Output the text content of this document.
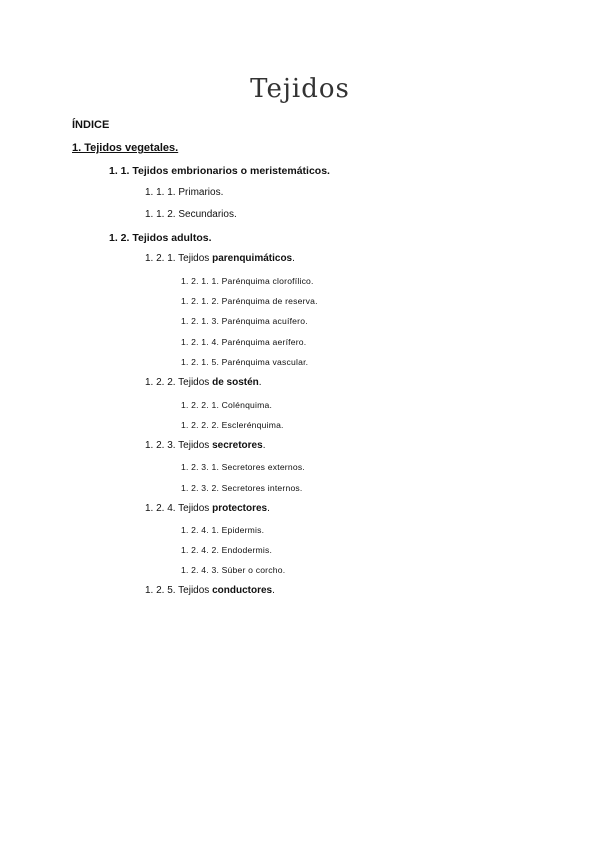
Tejidos
ÍNDICE
1. Tejidos vegetales.
1. 1. Tejidos embrionarios o meristemáticos.
1. 1. 1. Primarios.
1. 1. 2. Secundarios.
1. 2. Tejidos adultos.
1. 2. 1. Tejidos parenquimáticos.
1. 2. 1. 1. Parénquima clorofílico.
1. 2. 1. 2. Parénquima de reserva.
1. 2. 1. 3. Parénquima acuífero.
1. 2. 1. 4. Parénquima aerífero.
1. 2. 1. 5. Parénquima vascular.
1. 2. 2. Tejidos de sostén.
1. 2. 2. 1. Colénquima.
1. 2. 2. 2. Esclerénquima.
1. 2. 3. Tejidos secretores.
1. 2. 3. 1. Secretores externos.
1. 2. 3. 2. Secretores internos.
1. 2. 4. Tejidos protectores.
1. 2. 4. 1. Epidermis.
1. 2. 4. 2. Endodermis.
1. 2. 4. 3. Súber o corcho.
1. 2. 5. Tejidos conductores.
